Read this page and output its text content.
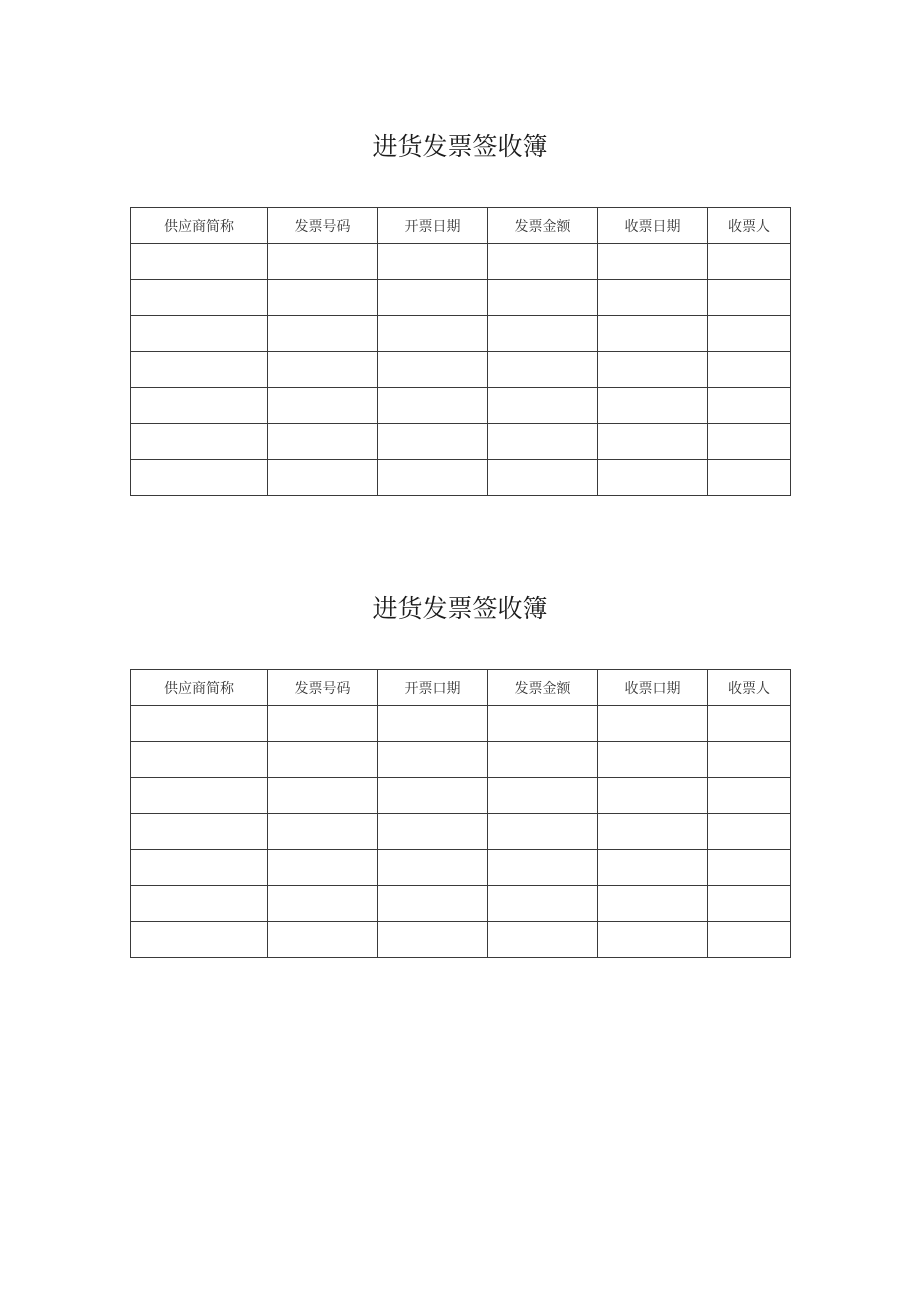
进货发票签收簿
供应商简称	发票号码	开票日期	发票金额	收票日期	收票人

进货发票签收簿
供应商简称	发票号码	开票口期	发票金额	收票口期	收票人
